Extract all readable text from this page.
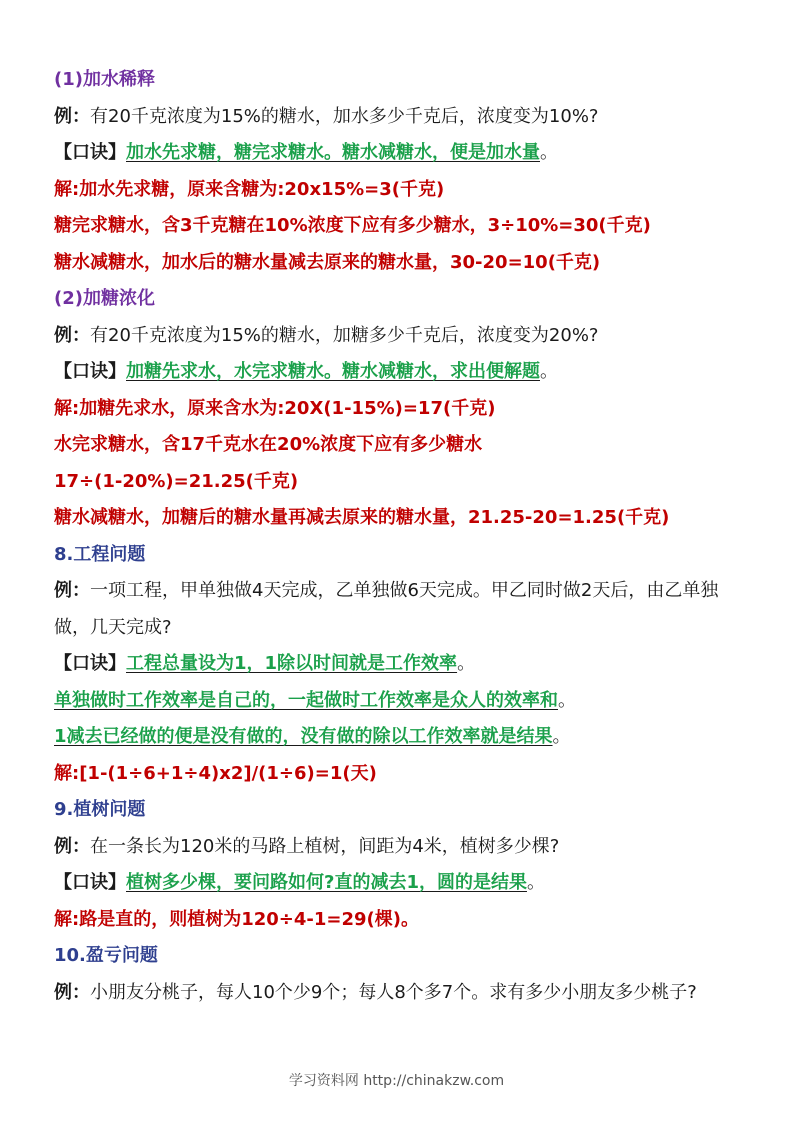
(1)加水稀释
例：有20千克浓度为15%的糖水，加水多少千克后，浓度变为10%?
【口诀】加水先求糖，糖完求糖水。糖水减糖水，便是加水量。
解:加水先求糖，原来含糖为:20x15%=3(千克)
糖完求糖水，含3千克糖在10%浓度下应有多少糖水，3÷10%=30(千克)
糖水减糖水，加水后的糖水量减去原来的糖水量，30-20=10(千克)
(2)加糖浓化
例：有20千克浓度为15%的糖水，加糖多少千克后，浓度变为20%?
【口诀】加糖先求水，水完求糖水。糖水减糖水，求出便解题。
解:加糖先求水，原来含水为:20X(1-15%)=17(千克)
水完求糖水，含17千克水在20%浓度下应有多少糖水
17÷(1-20%)=21.25(千克)
糖水减糖水，加糖后的糖水量再减去原来的糖水量，21.25-20=1.25(千克)
8.工程问题
例：一项工程，甲单独做4天完成，乙单独做6天完成。甲乙同时做2天后，由乙单独做，几天完成?
【口诀】工程总量设为1，1除以时间就是工作效率。
单独做时工作效率是自己的，一起做时工作效率是众人的效率和。
1减去已经做的便是没有做的，没有做的除以工作效率就是结果。
解:[1-(1÷6+1÷4)x2]/(1÷6)=1(天)
9.植树问题
例：在一条长为120米的马路上植树，间距为4米，植树多少棵?
【口诀】植树多少棵，要问路如何?直的减去1，圆的是结果。
解:路是直的，则植树为120÷4-1=29(棵)。
10.盈亏问题
例：小朋友分桃子，每人10个少9个；每人8个多7个。求有多少小朋友多少桃子?
学习资料网 http://chinakzw.com
